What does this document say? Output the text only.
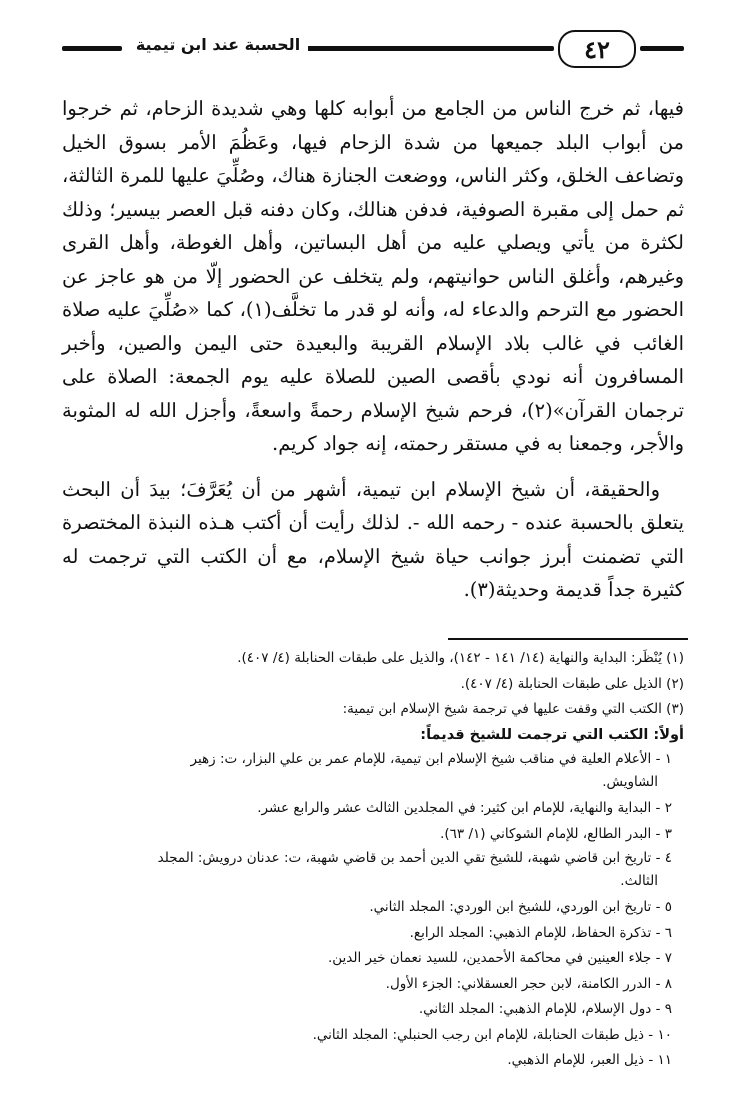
٤٢
الحسبة عند ابن تيمية

فيها، ثم خرج الناس من الجامع من أبوابه كلها وهي شديدة الزحام، ثم خرجوا من أبواب البلد جميعها من شدة الزحام فيها، وعَظُمَ الأمر بسوق الخيل وتضاعف الخلق، وكثر الناس، ووضعت الجنازة هناك، وصُلِّيَ عليها للمرة الثالثة، ثم حمل إلى مقبرة الصوفية، فدفن هنالك، وكان دفنه قبل العصر بيسير؛ وذلك لكثرة من يأتي ويصلي عليه من أهل البساتين، وأهل الغوطة، وأهل القرى وغيرهم، وأغلق الناس حوانيتهم، ولم يتخلف عن الحضور إلّا من هو عاجز عن الحضور مع الترحم والدعاء له، وأنه لو قدر ما تخلَّف(١)، كما «صُلِّيَ عليه صلاة الغائب في غالب بلاد الإسلام القريبة والبعيدة حتى اليمن والصين، وأخبر المسافرون أنه نودي بأقصى الصين للصلاة عليه يوم الجمعة: الصلاة على ترجمان القرآن»(٢)، فرحم شيخ الإسلام رحمةً واسعةً، وأجزل الله له المثوبة والأجر، وجمعنا به في مستقر رحمته، إنه جواد كريم.

والحقيقة، أن شيخ الإسلام ابن تيمية، أشهر من أن يُعَرَّفَ؛ بيدَ أن البحث يتعلق بالحسبة عنده - رحمه الله -. لذلك رأيت أن أكتب هـذه النبذة المختصرة التي تضمنت أبرز جوانب حياة شيخ الإسلام، مع أن الكتب التي ترجمت له كثيرة جداً قديمة وحديثة(٣).

(١) يُنْظَر: البداية والنهاية (١٤/ ١٤١ - ١٤٢)، والذيل على طبقات الحنابلة (٤/ ٤٠٧).

(٢) الذيل على طبقات الحنابلة (٤/ ٤٠٧).

(٣) الكتب التي وقفت عليها في ترجمة شيخ الإسلام ابن تيمية:

أولاً: الكتب التي ترجمت للشيخ قديماً:

١ - الأعلام العلية في مناقب شيخ الإسلام ابن تيمية، للإمام عمر بن علي البزار، ت: زهير
الشاويش.
٢ - البداية والنهاية، للإمام ابن كثير: في المجلدين الثالث عشر والرابع عشر.
٣ - البدر الطالع، للإمام الشوكاني (١/ ٦٣).
٤ - تاريخ ابن قاضي شهبة، للشيخ تقي الدين أحمد بن قاضي شهبة، ت: عدنان درويش: المجلد
الثالث.
٥ - تاريخ ابن الوردي، للشيخ ابن الوردي: المجلد الثاني.
٦ - تذكرة الحفاظ، للإمام الذهبي: المجلد الرابع.
٧ - جلاء العينين في محاكمة الأحمدين، للسيد نعمان خير الدين.
٨ - الدرر الكامنة، لابن حجر العسقلاني: الجزء الأول.
٩ - دول الإسلام، للإمام الذهبي: المجلد الثاني.
١٠ - ذيل طبقات الحنابلة، للإمام ابن رجب الحنبلي: المجلد الثاني.
١١ - ذيل العبر، للإمام الذهبي.
